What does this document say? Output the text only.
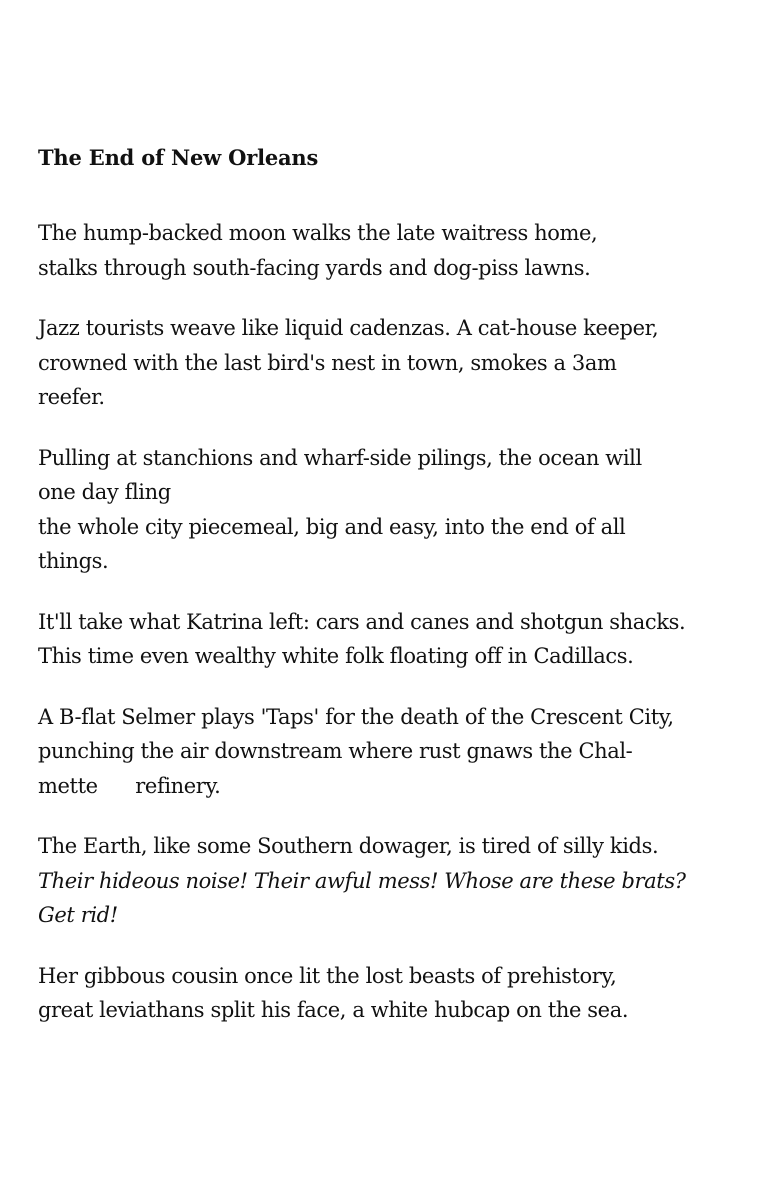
The End of New Orleans
The hump-backed moon walks the late waitress home,
stalks through south-facing yards and dog-piss lawns.
Jazz tourists weave like liquid cadenzas. A cat-house keeper,
crowned with the last bird's nest in town, smokes a 3am
reefer.
Pulling at stanchions and wharf-side pilings, the ocean will
one day fling
the whole city piecemeal, big and easy, into the end of all
things.
It'll take what Katrina left: cars and canes and shotgun shacks.
This time even wealthy white folk floating off in Cadillacs.
A B-flat Selmer plays 'Taps' for the death of the Crescent City,
punching the air downstream where rust gnaws the Chal-
mette      refinery.
The Earth, like some Southern dowager, is tired of silly kids.
Their hideous noise! Their awful mess! Whose are these brats?
Get rid!
Her gibbous cousin once lit the lost beasts of prehistory,
great leviathans split his face, a white hubcap on the sea.
